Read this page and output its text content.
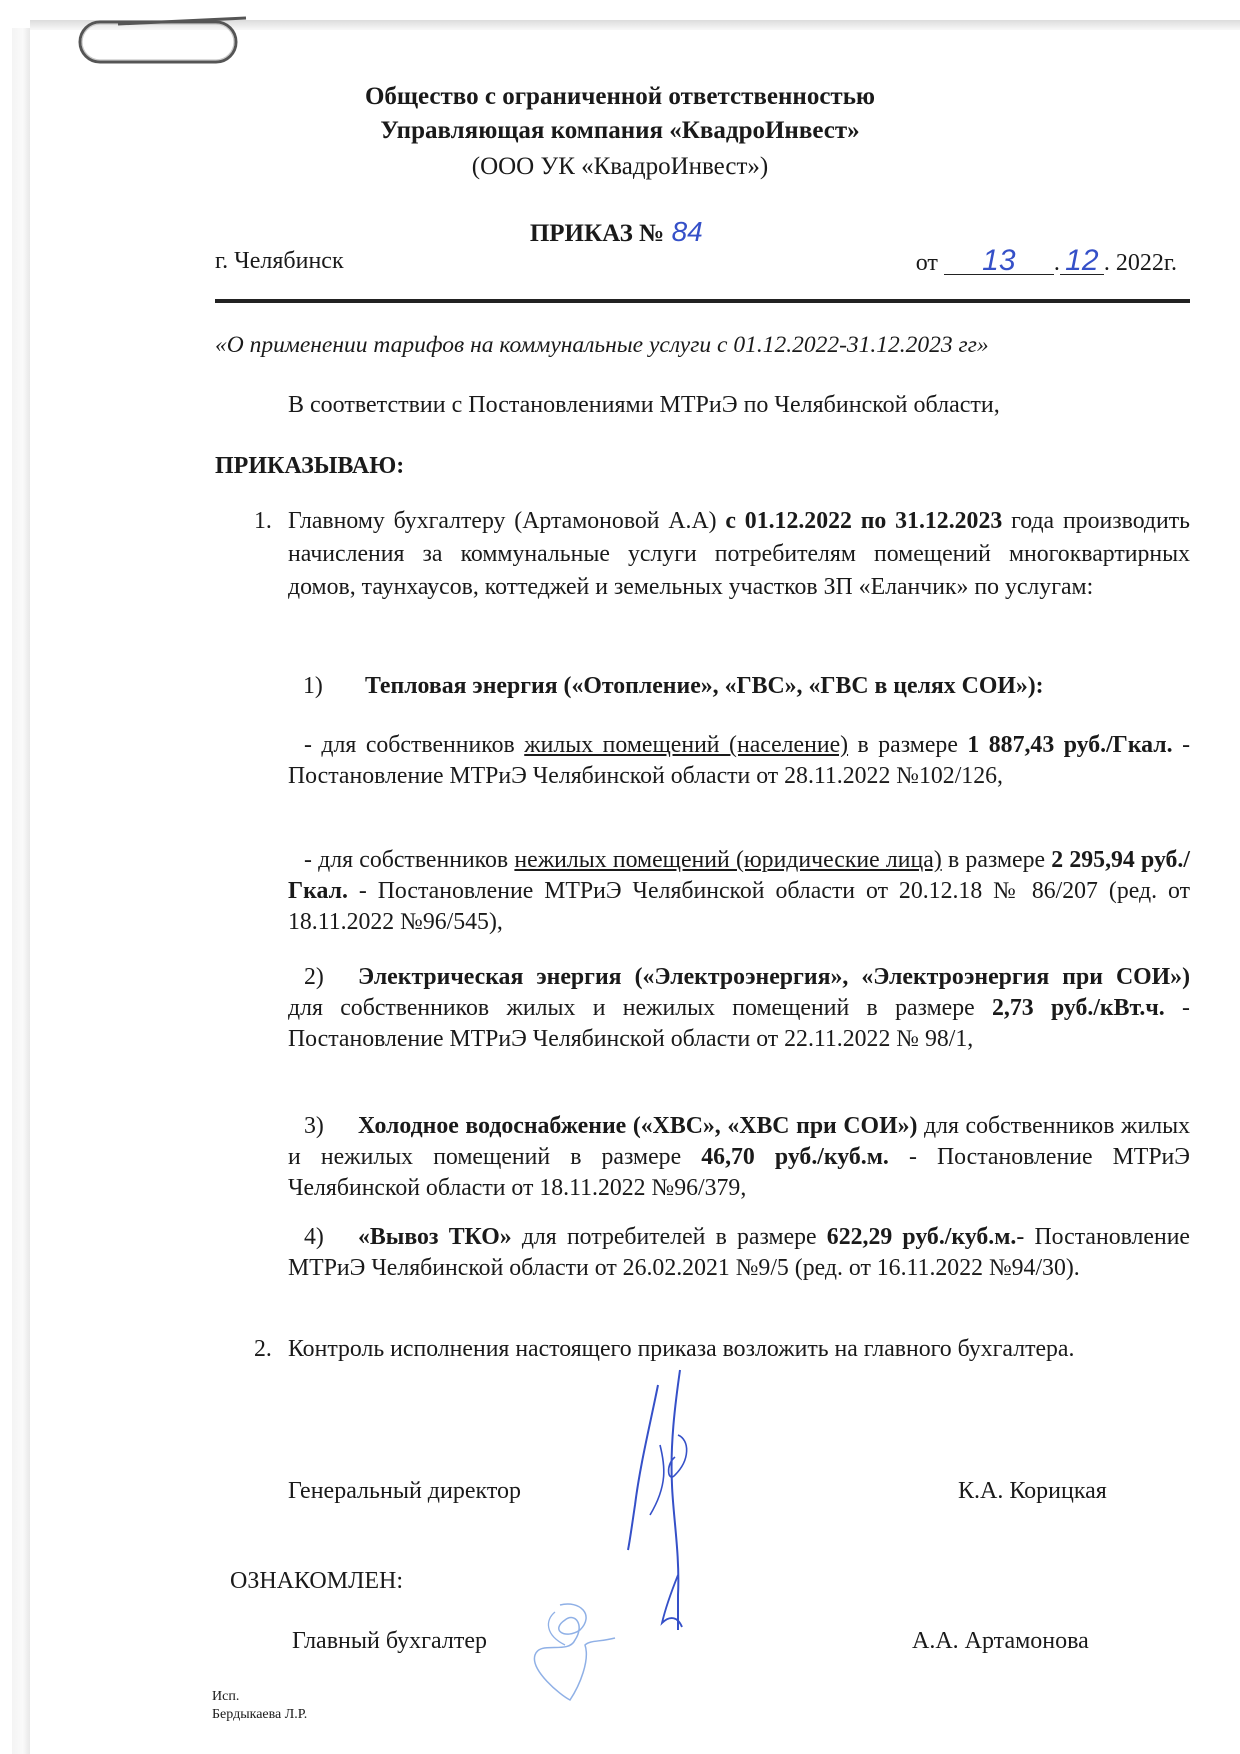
Общество с ограниченной ответственностью
Управляющая компания «КвадроИнвест»
(ООО УК «КвадроИнвест»)
ПРИКАЗ № 84
г. Челябинск	от 13 . 12 . 2022г.
«О применении тарифов на коммунальные услуги с 01.12.2022-31.12.2023 гг»
В соответствии с Постановлениями МТРиЭ по Челябинской области,
ПРИКАЗЫВАЮ:
1. Главному бухгалтеру (Артамоновой А.А) с 01.12.2022 по 31.12.2023 года производить начисления за коммунальные услуги потребителям помещений многоквартирных домов, таунхаусов, коттеджей и земельных участков ЗП «Еланчик» по услугам:
1) Тепловая энергия («Отопление», «ГВС», «ГВС в целях СОИ»):
- для собственников жилых помещений (население) в размере 1 887,43 руб./Гкал. - Постановление МТРиЭ Челябинской области от 28.11.2022 №102/126,
- для собственников нежилых помещений (юридические лица) в размере 2 295,94 руб./Гкал. - Постановление МТРиЭ Челябинской области от 20.12.18 № 86/207 (ред. от 18.11.2022 №96/545),
2) Электрическая энергия («Электроэнергия», «Электроэнергия при СОИ») для собственников жилых и нежилых помещений в размере 2,73 руб./кВт.ч. - Постановление МТРиЭ Челябинской области от 22.11.2022 № 98/1,
3) Холодное водоснабжение («ХВС», «ХВС при СОИ») для собственников жилых и нежилых помещений в размере 46,70 руб./куб.м. - Постановление МТРиЭ Челябинской области от 18.11.2022 №96/379,
4) «Вывоз ТКО» для потребителей в размере 622,29 руб./куб.м.- Постановление МТРиЭ Челябинской области от 26.02.2021 №9/5 (ред. от 16.11.2022 №94/30).
2. Контроль исполнения настоящего приказа возложить на главного бухгалтера.
Генеральный директор	К.А. Корицкая
ОЗНАКОМЛЕН:
Главный бухгалтер	А.А. Артамонова
Исп.
Бердыкаева Л.Р.
